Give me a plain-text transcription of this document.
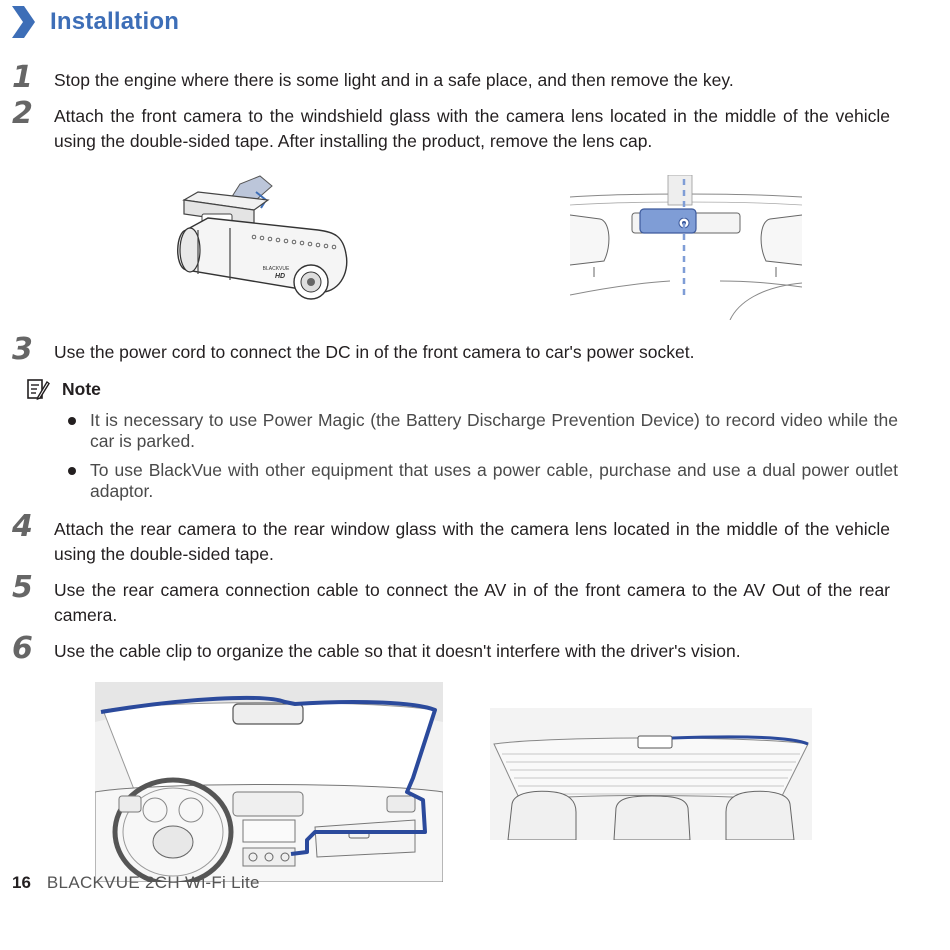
Installation
1	Stop the engine where there is some light and in a safe place, and then remove the key.
2	Attach the front camera to the windshield glass with the camera lens located in the middle of the vehicle using the double-sided tape. After installing the product, remove the lens cap.
BLACKVUE
HD
3	Use the power cord to connect the DC in of the front camera to car's power socket.
Note
It is necessary to use Power Magic (the Battery Discharge Prevention Device) to record video while the car is parked.
To use BlackVue with other equipment that uses a power cable, purchase and use a dual power outlet adaptor.
4	Attach the rear camera to the rear window glass with the camera lens located in the middle of the vehicle using the double-sided tape.
5	Use the rear camera connection cable to connect the AV in of the front camera to the AV Out of the rear camera.
6	Use the cable clip to organize the cable so that it doesn't interfere with the driver's vision.
16 BLACKVUE 2CH Wi-Fi Lite
